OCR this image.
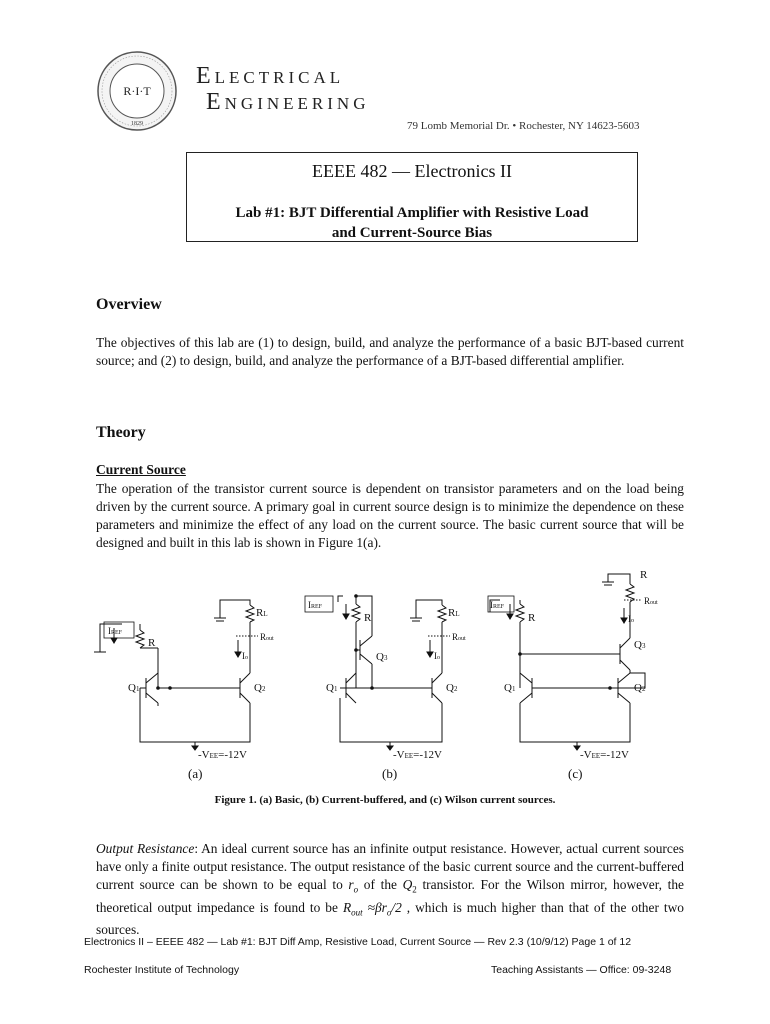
R·I·T
1829
Electrical
Engineering
79 Lomb Memorial Dr. • Rochester, NY 14623-5603
EEEE 482 — Electronics II
Lab #1: BJT Differential Amplifier with Resistive Load
and Current-Source Bias
Overview
The objectives of this lab are (1) to design, build, and analyze the performance of a basic BJT-based current source; and (2) to design, build, and analyze the performance of a BJT-based differential amplifier.
Theory
Current Source
The operation of the transistor current source is dependent on transistor parameters and on the load being driven by the current source. A primary goal in current source design is to minimize the dependence on these parameters and minimize the effect of any load on the current source. The basic current source that will be designed and built in this lab is shown in Figure 1(a).
IREF
R
RL
Rout
Io
Q1	Q2
-VEE=-12V
(a)
IREF
R
Q3
RL
Rout
Io
Q1	Q2
-VEE=-12V
(b)
IREF
R
R
Rout
Io
Q3
Q1	Q2
-VEE=-12V
(c)
Figure 1. (a) Basic, (b) Current-buffered, and (c) Wilson current sources.
Output Resistance: An ideal current source has an infinite output resistance. However, actual current sources have only a finite output resistance. The output resistance of the basic current source and the current-buffered current source can be shown to be equal to $r_o$ of the $Q_2$ transistor. For the Wilson mirror, however, the theoretical output impedance is found to be $R_{out} \approx\beta r_o/2$ , which is much higher than that of the other two sources.
Electronics II – EEEE 482 — Lab #1: BJT Diff Amp, Resistive Load, Current Source — Rev 2.3 (10/9/12) Page 1 of 12
Rochester Institute of Technology	Teaching Assistants — Office: 09-3248
